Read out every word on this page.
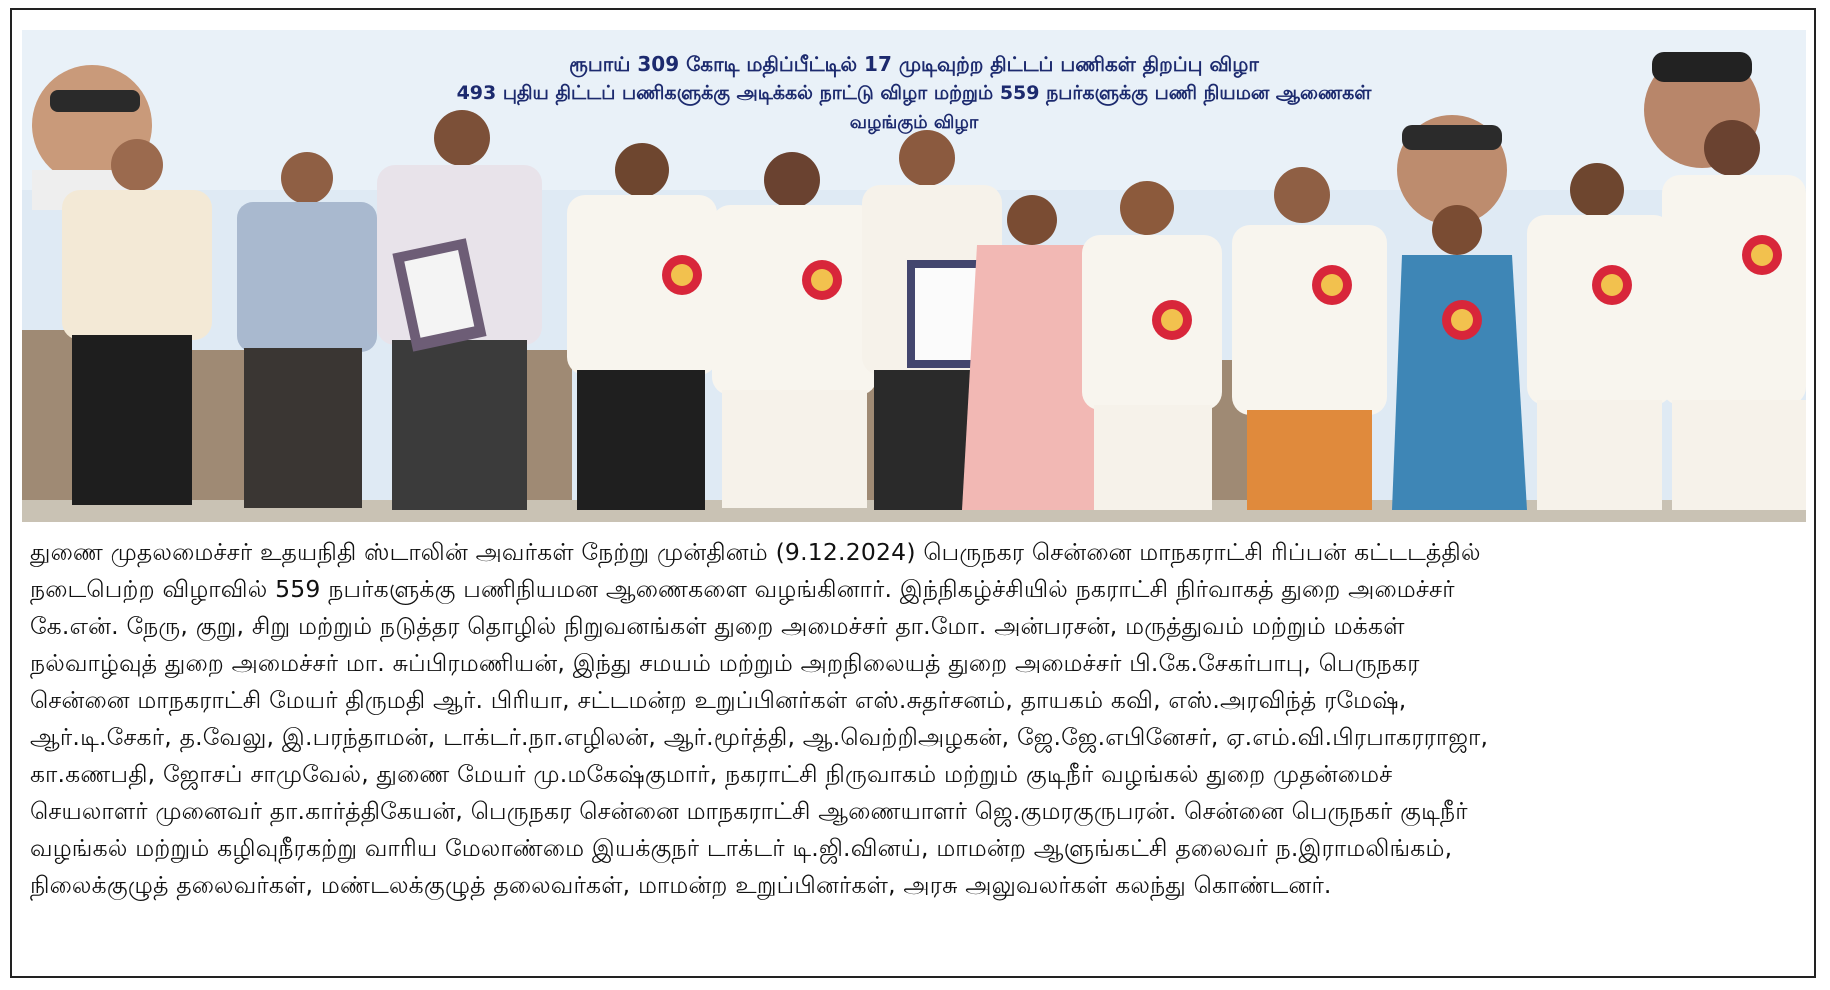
ரூபாய் 309 கோடி மதிப்பீட்டில் 17 முடிவுற்ற திட்டப் பணிகள் திறப்பு விழா
493 புதிய திட்டப் பணிகளுக்கு அடிக்கல் நாட்டு விழா மற்றும் 559 நபர்களுக்கு பணி நியமன ஆணைகள்
வழங்கும் விழா

துணை முதலமைச்சர் உதயநிதி ஸ்டாலின் அவர்கள் நேற்று முன்தினம் (9.12.2024) பெருநகர சென்னை மாநகராட்சி ரிப்பன் கட்டடத்தில்

நடைபெற்ற விழாவில் 559 நபர்களுக்கு பணிநியமன ஆணைகளை வழங்கினார். இந்நிகழ்ச்சியில் நகராட்சி நிர்வாகத் துறை அமைச்சர்

கே.என். நேரு, குறு, சிறு மற்றும் நடுத்தர தொழில் நிறுவனங்கள் துறை அமைச்சர் தா.மோ. அன்பரசன், மருத்துவம் மற்றும் மக்கள்

நல்வாழ்வுத் துறை அமைச்சர் மா. சுப்பிரமணியன், இந்து சமயம் மற்றும் அறநிலையத் துறை அமைச்சர் பி.கே.சேகர்பாபு, பெருநகர

சென்னை மாநகராட்சி மேயர் திருமதி ஆர். பிரியா, சட்டமன்ற உறுப்பினர்கள் எஸ்.சுதர்சனம், தாயகம் கவி, எஸ்.அரவிந்த் ரமேஷ்,

ஆர்.டி.சேகர், த.வேலு, இ.பரந்தாமன், டாக்டர்.நா.எழிலன், ஆர்.மூர்த்தி, ஆ.வெற்றிஅழகன், ஜே.ஜே.எபினேசர், ஏ.எம்.வி.பிரபாகரராஜா,

கா.கணபதி, ஜோசப் சாமுவேல், துணை மேயர் மு.மகேஷ்குமார், நகராட்சி நிருவாகம் மற்றும் குடிநீர் வழங்கல் துறை முதன்மைச்

செயலாளர் முனைவர் தா.கார்த்திகேயன், பெருநகர சென்னை மாநகராட்சி ஆணையாளர் ஜெ.குமரகுருபரன். சென்னை பெருநகர் குடிநீர்

வழங்கல் மற்றும் கழிவுநீரகற்று வாரிய மேலாண்மை இயக்குநர் டாக்டர் டி.ஜி.வினய், மாமன்ற ஆளுங்கட்சி தலைவர் ந.இராமலிங்கம்,

நிலைக்குழுத் தலைவர்கள், மண்டலக்குழுத் தலைவர்கள், மாமன்ற உறுப்பினர்கள், அரசு அலுவலர்கள் கலந்து கொண்டனர்.
